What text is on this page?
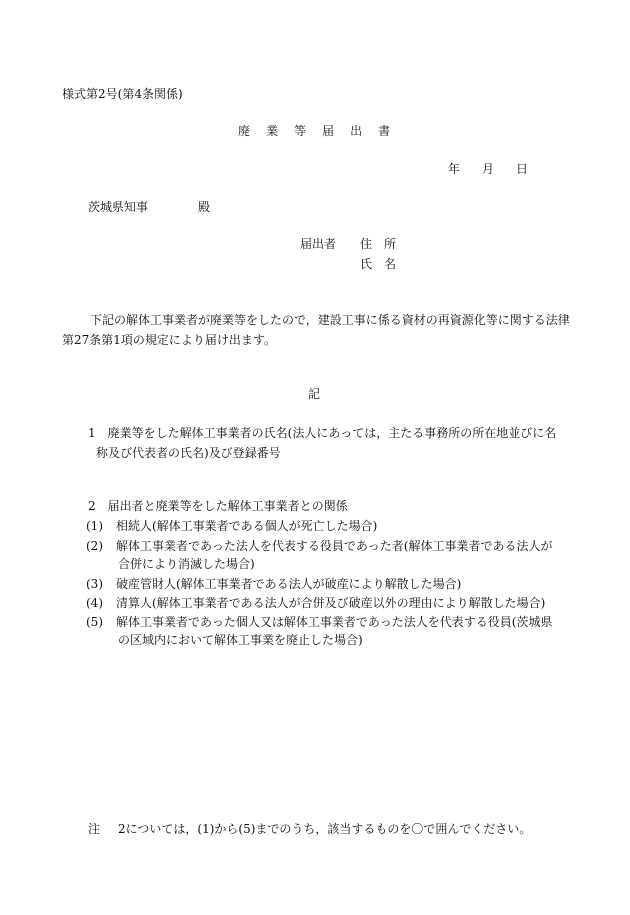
様式第2号(第4条関係)
廃 業 等 届 出 書
年 月 日
茨城県知事	殿
届出者 住　所
氏　名
下記の解体工事業者が廃業等をしたので，建設工事に係る資材の再資源化等に関する法律第27条第1項の規定により届け出ます。
記
1　廃業等をした解体工事業者の氏名(法人にあっては，主たる事務所の所在地並びに名
称及び代表者の氏名)及び登録番号
2　届出者と廃業等をした解体工事業者との関係
(1) 相続人(解体工事業者である個人が死亡した場合)
(2) 解体工事業者であった法人を代表する役員であった者(解体工事業者である法人が
合併により消滅した場合)
(3) 破産管財人(解体工事業者である法人が破産により解散した場合)
(4) 清算人(解体工事業者である法人が合併及び破産以外の理由により解散した場合)
(5) 解体工事業者であった個人又は解体工事業者であった法人を代表する役員(茨城県
の区域内において解体工事業を廃止した場合)
注 2については，(1)から(5)までのうち，該当するものを〇で囲んでください。
